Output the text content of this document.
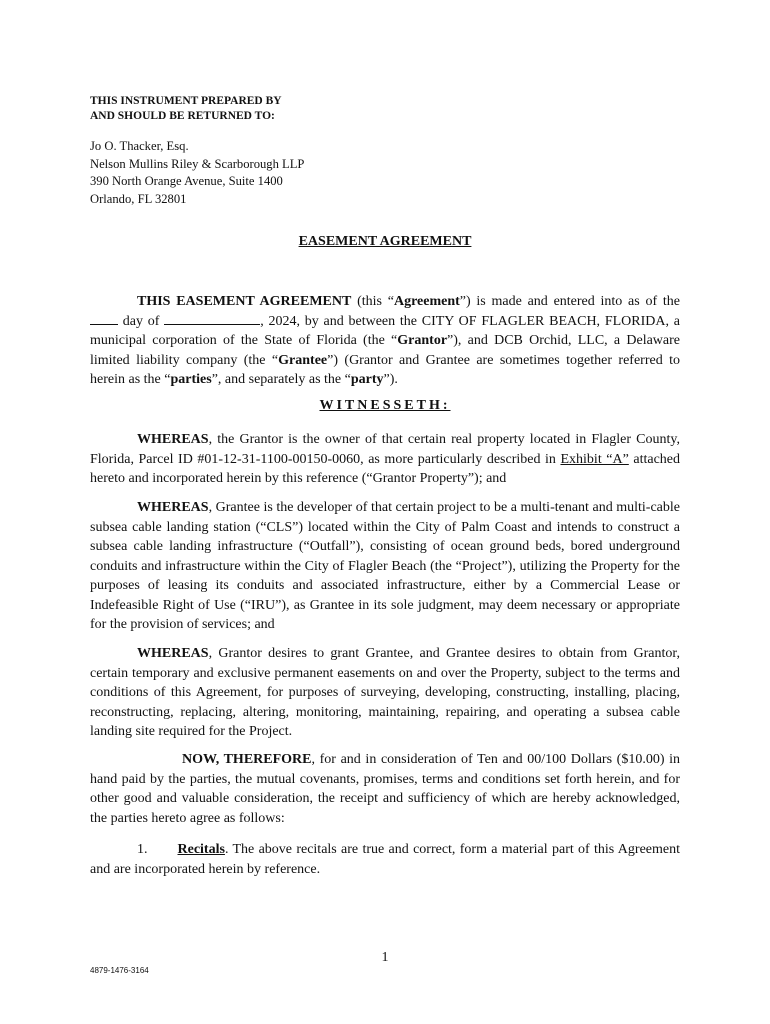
THIS INSTRUMENT PREPARED BY
AND SHOULD BE RETURNED TO:
Jo O. Thacker, Esq.
Nelson Mullins Riley & Scarborough LLP
390 North Orange Avenue, Suite 1400
Orlando, FL 32801
EASEMENT AGREEMENT
THIS EASEMENT AGREEMENT (this “Agreement”) is made and entered into as of the  day of	, 2024, by and between the CITY OF FLAGLER BEACH, FLORIDA, a municipal corporation of the State of Florida (the “Grantor”), and DCB Orchid, LLC, a Delaware limited liability company (the “Grantee”) (Grantor and Grantee are sometimes together referred to herein as the “parties”, and separately as the “party”).
WITNESSETH:
WHEREAS, the Grantor is the owner of that certain real property located in Flagler County, Florida, Parcel ID #01-12-31-1100-00150-0060, as more particularly described in Exhibit “A” attached hereto and incorporated herein by this reference (“Grantor Property”); and
WHEREAS, Grantee is the developer of that certain project to be a multi-tenant and multi-cable subsea cable landing station (“CLS”) located within the City of Palm Coast and intends to construct a subsea cable landing infrastructure (“Outfall”), consisting of ocean ground beds, bored underground conduits and infrastructure within the City of Flagler Beach (the “Project”), utilizing the Property for the purposes of leasing its conduits and associated infrastructure, either by a Commercial Lease or Indefeasible Right of Use (“IRU”), as Grantee in its sole judgment, may deem necessary or appropriate for the provision of services; and
WHEREAS, Grantor desires to grant Grantee, and Grantee desires to obtain from Grantor, certain temporary and exclusive permanent easements on and over the Property, subject to the terms and conditions of this Agreement, for purposes of surveying, developing, constructing, installing, placing, reconstructing, replacing, altering, monitoring, maintaining, repairing, and operating a subsea cable landing site required for the Project.
NOW, THEREFORE, for and in consideration of Ten and 00/100 Dollars ($10.00) in hand paid by the parties, the mutual covenants, promises, terms and conditions set forth herein, and for other good and valuable consideration, the receipt and sufficiency of which are hereby acknowledged, the parties hereto agree as follows:
1. Recitals. The above recitals are true and correct, form a material part of this Agreement and are incorporated herein by reference.
1
4879-1476-3164
